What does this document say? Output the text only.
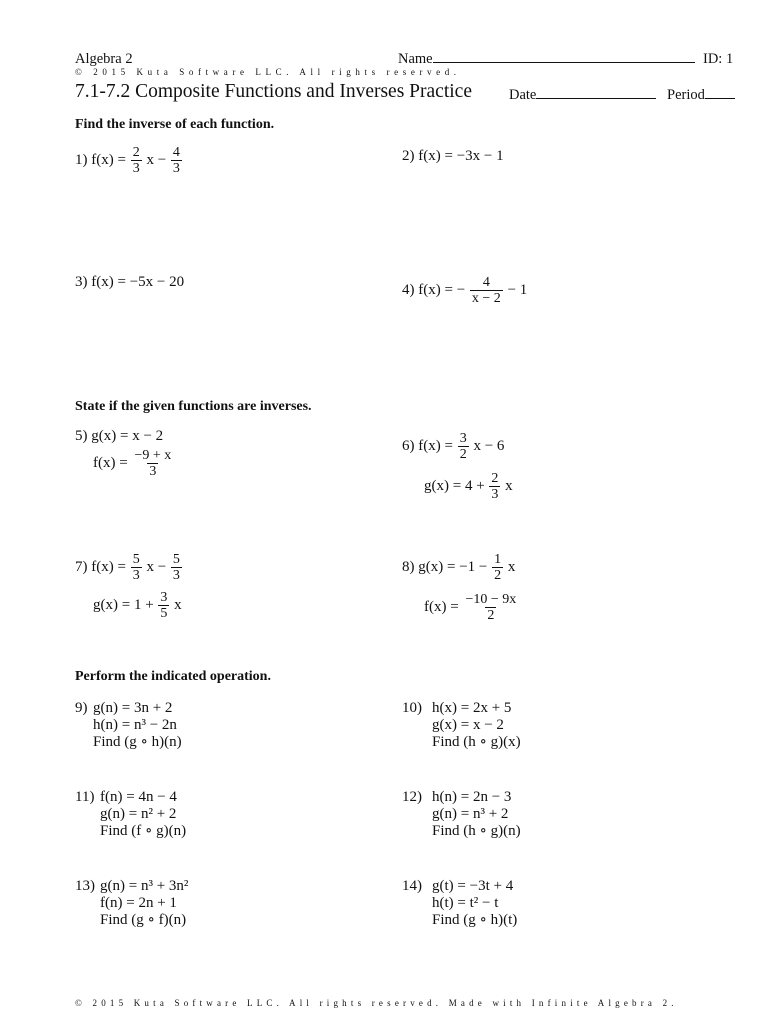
Algebra 2	Name	ID: 1
© 2015 Kuta Software LLC. All rights reserved.
7.1-7.2 Composite Functions and Inverses Practice	Date	Period
Find the inverse of each function.
1) $f(x) = \frac{2}{3}$ $x - \frac{4}{3}$	2) f(x) = −3x − 1
3) f(x) = −5x − 20	4) f(x) = − $\frac{4}{x - 2} - 1$
State if the given functions are inverses.
5) g(x) = x − 2
$f(x) = \frac{-9 + x}{3}$
6) $f(x) = \frac{3}{2}$ x − 6
$g(x) = 4 + \frac{2}{3}$ x
7) $f(x) = \frac{5}{3}$ $x - \frac{5}{3}$
$g(x) = 1 + \frac{3}{5}$ x
8) $g(x) = -1 - \frac{1}{2}$ x
$f(x) = \frac{-10 - 9x}{2}$
Perform the indicated operation.
9) g(n) = 3n + 2
h(n) = n³ − 2n
Find (g ∘ h)(n)
10) h(x) = 2x + 5
g(x) = x − 2
Find (h ∘ g)(x)
11) f(n) = 4n − 4
g(n) = n² + 2
Find (f ∘ g)(n)
12) h(n) = 2n − 3
g(n) = n³ + 2
Find (h ∘ g)(n)
13) g(n) = n³ + 3n²
f(n) = 2n + 1
Find (g ∘ f)(n)
14) g(t) = −3t + 4
h(t) = t² − t
Find (g ∘ h)(t)
© 2015 Kuta Software LLC. All rights reserved. Made with Infinite Algebra 2.
